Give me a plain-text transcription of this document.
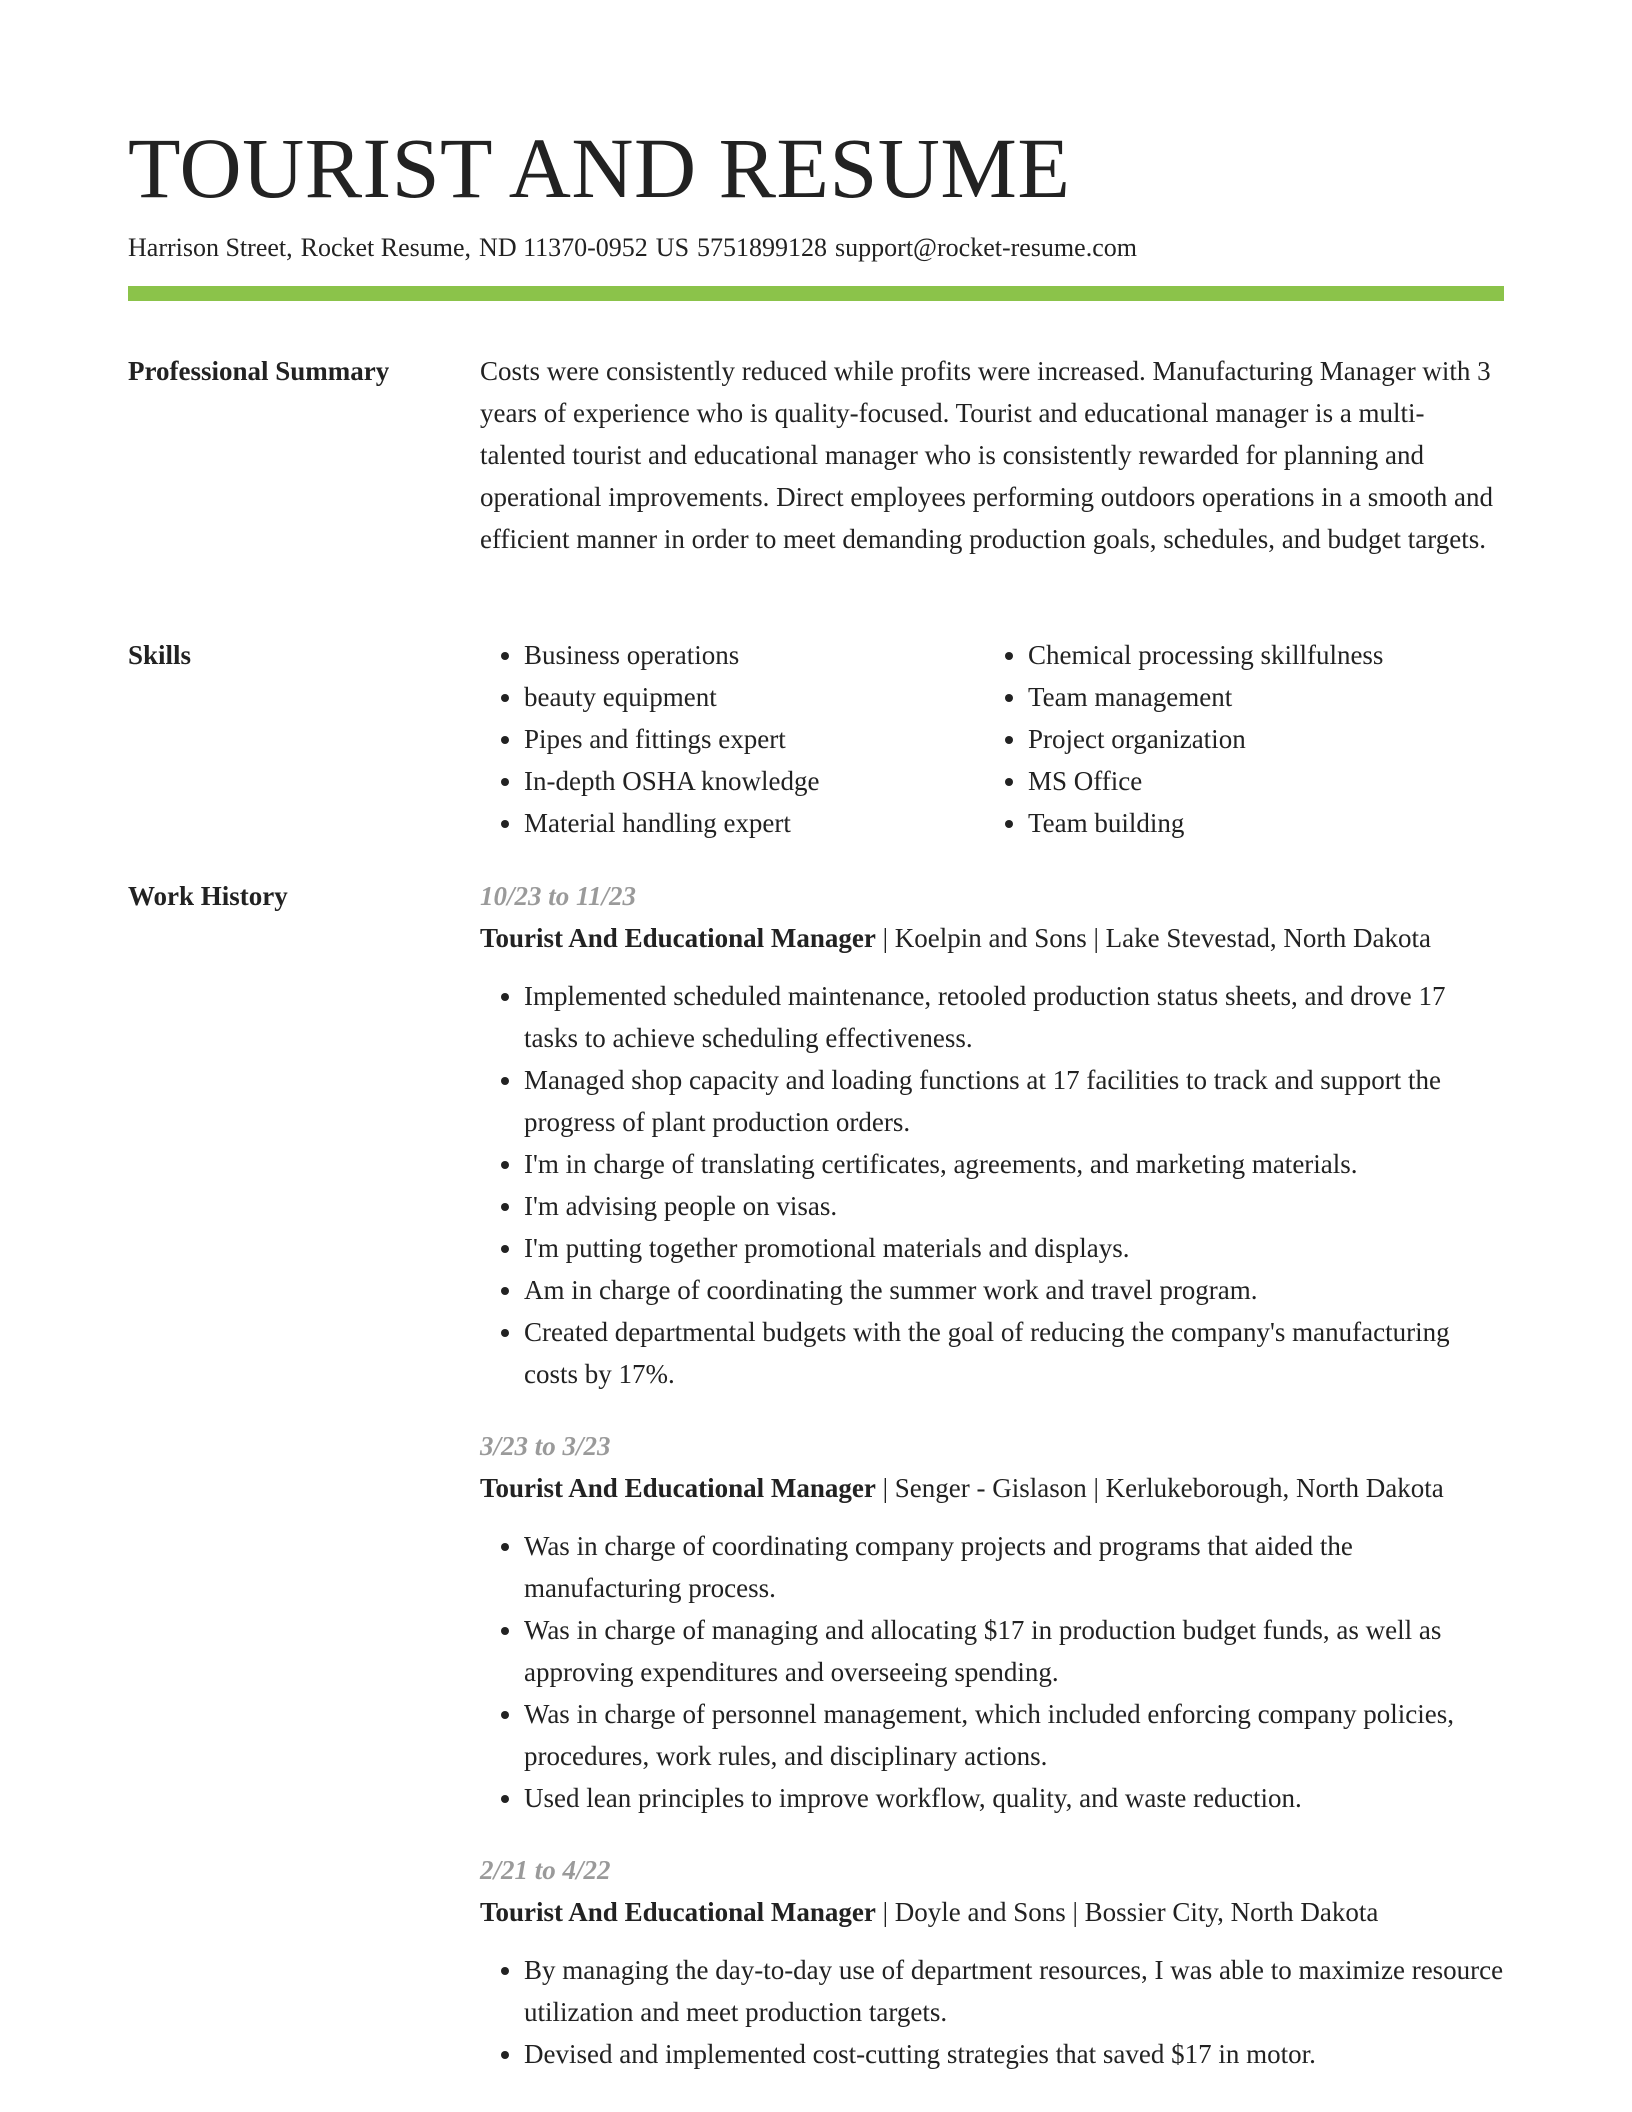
TOURIST AND RESUME
Harrison Street, Rocket Resume, ND 11370-0952 US 5751899128 support@rocket-resume.com
Professional Summary	Costs were consistently reduced while profits were increased. Manufacturing Manager with 3 years of experience who is quality-focused. Tourist and educational manager is a multi-talented tourist and educational manager who is consistently rewarded for planning and operational improvements. Direct employees performing outdoors operations in a smooth and efficient manner in order to meet demanding production goals, schedules, and budget targets.

Skills
•	Business operations
• beauty equipment
• Pipes and fittings expert
• In-depth OSHA knowledge
• Material handling expert
• Chemical processing skillfulness
• Team management
• Project organization
• MS Office
• Team building
Work History	10/23 to 11/23
Tourist And Educational Manager | Koelpin and Sons | Lake Stevestad, North Dakota
• Implemented scheduled maintenance, retooled production status sheets, and drove 17 tasks to achieve scheduling effectiveness.
• Managed shop capacity and loading functions at 17 facilities to track and support the progress of plant production orders.
• I'm in charge of translating certificates, agreements, and marketing materials.
• I'm advising people on visas.
• I'm putting together promotional materials and displays.
• Am in charge of coordinating the summer work and travel program.
• Created departmental budgets with the goal of reducing the company's manufacturing costs by 17%.
3/23 to 3/23
Tourist And Educational Manager | Senger - Gislason | Kerlukeborough, North Dakota
• Was in charge of coordinating company projects and programs that aided the manufacturing process.
• Was in charge of managing and allocating $17 in production budget funds, as well as approving expenditures and overseeing spending.
• Was in charge of personnel management, which included enforcing company policies, procedures, work rules, and disciplinary actions.
• Used lean principles to improve workflow, quality, and waste reduction.
2/21 to 4/22
Tourist And Educational Manager | Doyle and Sons | Bossier City, North Dakota
• By managing the day-to-day use of department resources, I was able to maximize resource utilization and meet production targets.
• Devised and implemented cost-cutting strategies that saved $17 in motor.
